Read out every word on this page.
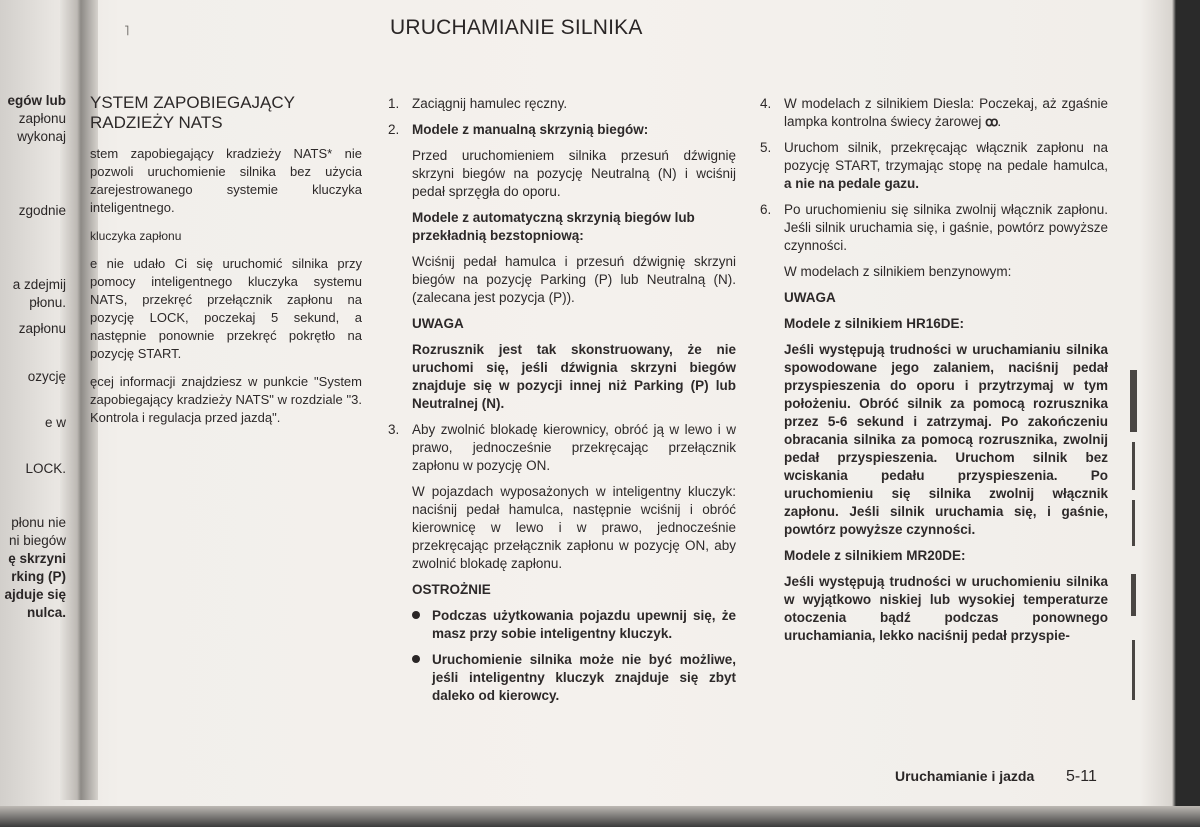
˥
egów lub
zapłonu
wykonaj
zgodnie
a zdejmij
płonu.
zapłonu
ozycję
e w
LOCK.
płonu nie
ni biegów
ę skrzyni
rking (P)
ajduje się
nulca.
URUCHAMIANIE SILNIKA
YSTEM ZAPOBIEGAJĄCY
RADZIEŻY NATS

stem zapobiegający kradzieży NATS* nie pozwoli uruchomienie silnika bez użycia zarejestrowanego systemie kluczyka inteligentnego.

kluczyka zapłonu

e nie udało Ci się uruchomić silnika przy pomocy inteligentnego kluczyka systemu NATS, przekręć przełącznik zapłonu na pozycję LOCK, poczekaj 5 sekund, a następnie ponownie przekręć pokrętło na pozycję START.

ęcej informacji znajdziesz w punkcie "System zapobiegający kradzieży NATS" w rozdziale "3. Kontrola i regulacja przed jazdą".

1. Zaciągnij hamulec ręczny.
2. Modele z manualną skrzynią biegów:

Przed uruchomieniem silnika przesuń dźwignię skrzyni biegów na pozycję Neutralną (N) i wciśnij pedał sprzęgła do oporu.

Modele z automatyczną skrzynią biegów lub przekładnią bezstopniową:

Wciśnij pedał hamulca i przesuń dźwignię skrzyni biegów na pozycję Parking (P) lub Neutralną (N). (zalecana jest pozycja (P)).

UWAGA

Rozrusznik jest tak skonstruowany, że nie uruchomi się, jeśli dźwignia skrzyni biegów znajduje się w pozycji innej niż Parking (P) lub Neutralnej (N).

3. Aby zwolnić blokadę kierownicy, obróć ją w lewo i w prawo, jednocześnie przekręcając przełącznik zapłonu w pozycję ON.

W pojazdach wyposażonych w inteligentny kluczyk: naciśnij pedał hamulca, następnie wciśnij i obróć kierownicę w lewo i w prawo, jednocześnie przekręcając przełącznik zapłonu w pozycję ON, aby zwolnić blokadę zapłonu.

OSTROŻNIE

Podczas użytkowania pojazdu upewnij się, że masz przy sobie inteligentny kluczyk.
Uruchomienie silnika może nie być możliwe, jeśli inteligentny kluczyk znajduje się zbyt daleko od kierowcy.
4. W modelach z silnikiem Diesla: Poczekaj, aż zgaśnie lampka kontrolna świecy żarowej ꝏ.
5. Uruchom silnik, przekręcając włącznik zapłonu na pozycję START, trzymając stopę na pedale hamulca, a nie na pedale gazu.
6. Po uruchomieniu się silnika zwolnij włącznik zapłonu. Jeśli silnik uruchamia się, i gaśnie, powtórz powyższe czynności.

W modelach z silnikiem benzynowym:

UWAGA

Modele z silnikiem HR16DE:

Jeśli występują trudności w uruchamianiu silnika spowodowane jego zalaniem, naciśnij pedał przyspieszenia do oporu i przytrzymaj w tym położeniu. Obróć silnik za pomocą rozrusznika przez 5-6 sekund i zatrzymaj. Po zakończeniu obracania silnika za pomocą rozrusznika, zwolnij pedał przyspieszenia. Uruchom silnik bez wciskania pedału przyspieszenia. Po uruchomieniu się silnika zwolnij włącznik zapłonu. Jeśli silnik uruchamia się, i gaśnie, powtórz powyższe czynności.

Modele z silnikiem MR20DE:

Jeśli występują trudności w uruchomieniu silnika w wyjątkowo niskiej lub wysokiej temperaturze otoczenia bądź podczas ponownego uruchamiania, lekko naciśnij pedał przyspie-

Uruchamianie i jazda 5-11
